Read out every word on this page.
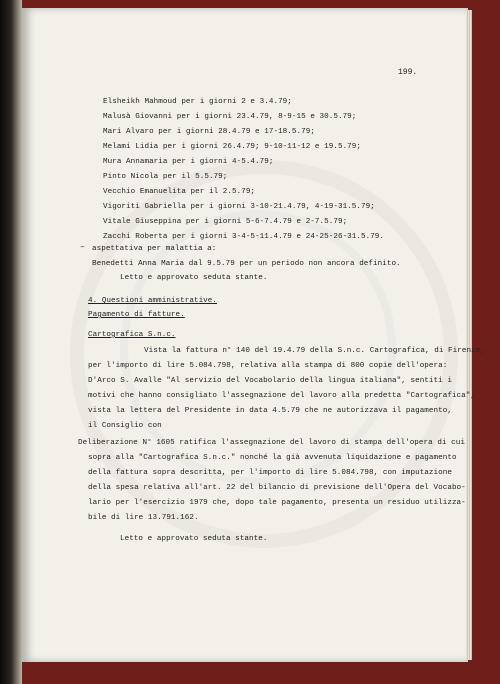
199.
Elsheikh Mahmoud per i giorni 2 e 3.4.79;
Malusà Giovanni per i giorni 23.4.79, 8-9-15 e 30.5.79;
Mari Alvaro per i giorni 28.4.79 e 17-18.5.79;
Melami Lidia per i giorni 26.4.79; 9-10-11-12 e 19.5.79;
Mura Annamaria per i giorni 4-5.4.79;
Pinto Nicola per il 5.5.79;
Vecchio Emanuelita per il 2.5.79;
Vigoriti Gabriella per i giorni 3-10-21.4.79, 4-19-31.5.79;
Vitale Giuseppina per i giorni 5-6-7.4.79 e 2-7.5.79;
Zacchi Roberta per i giorni 3-4-5-11.4.79 e 24-25-26-31.5.79.
– aspettativa per malattia a:
Benedetti Anna Maria dal 9.5.79 per un periodo non ancora definito.
Letto e approvato seduta stante.
4. Questioni amministrative.
Pagamento di fatture.
Cartografica S.n.c.
Vista la fattura n° 140 del 19.4.79 della S.n.c. Cartografica, di Firenze,
per l'importo di lire 5.084.798, relativa alla stampa di 800 copie dell'opera:
D'Arco S. Avalle "Al servizio del Vocabolario della lingua italiana", sentiti i
motivi che hanno consigliato l'assegnazione del lavoro alla predetta "Cartografica",
vista la lettera del Presidente in data 4.5.79 che ne autorizzava il pagamento,
il Consiglio con
Deliberazione N° 1605 ratifica l'assegnazione del lavoro di stampa dell'opera di cui
sopra alla "Cartografica S.n.c." nonché la già avvenuta liquidazione e pagamento
della fattura sopra descritta, per l'importo di lire 5.084.798, con imputazione
della spesa relativa all'art. 22 del bilancio di previsione dell'Opera del Vocabo-
lario per l'esercizio 1979 che, dopo tale pagamento, presenta un residuo utilizza-
bile di lire 13.791.162.
Letto e approvato seduta stante.
